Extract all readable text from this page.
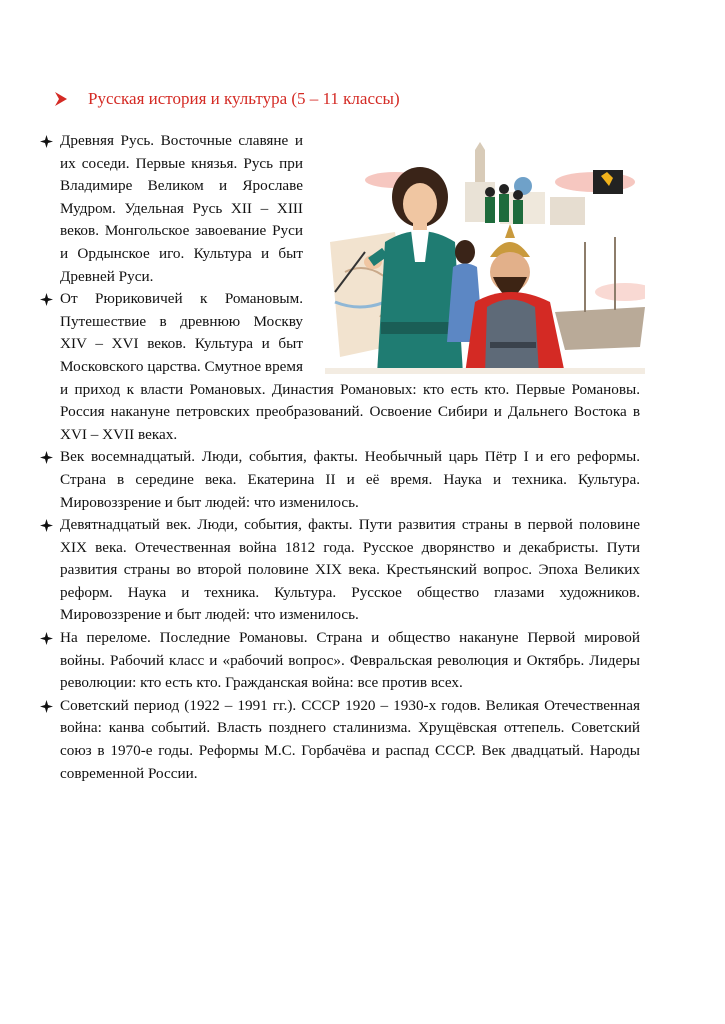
Русская история и культура (5 – 11 классы)
Древняя Русь. Восточные славяне и их соседи. Первые князья. Русь при Владимире Великом и Ярославе Мудром. Удельная Русь XII – XIII веков. Монгольское завоевание Руси и Ордынское иго. Культура и быт Древней Руси.
От Рюриковичей к Романовым. Путешествие в древнюю Москву XIV – XVI веков. Культура и быт Московского царства. Смутное время и приход к власти Романовых. Династия Романовых: кто есть кто. Первые Романовы. Россия накануне петровских преобразований. Освоение Сибири и Дальнего Востока в XVI – XVII веках.
Век восемнадцатый. Люди, события, факты. Необычный царь Пётр I и его реформы. Страна в середине века. Екатерина II и её время. Наука и техника. Культура. Мировоззрение и быт людей: что изменилось.
Девятнадцатый век. Люди, события, факты. Пути развития страны в первой половине XIX века. Отечественная война 1812 года. Русское дворянство и декабристы. Пути развития страны во второй половине XIX века. Крестьянский вопрос. Эпоха Великих реформ. Наука и техника. Культура. Русское общество глазами художников. Мировоззрение и быт людей: что изменилось.
На переломе. Последние Романовы. Страна и общество накануне Первой мировой войны. Рабочий класс и «рабочий вопрос». Февральская революция и Октябрь. Лидеры революции: кто есть кто. Гражданская война: все против всех.
Советский период (1922 – 1991 гг.). СССР 1920 – 1930-х годов. Великая Отечественная война: канва событий. Власть позднего сталинизма. Хрущёвская оттепель. Советский союз в 1970-е годы. Реформы М.С. Горбачёва и распад СССР. Век двадцатый. Народы современной России.
